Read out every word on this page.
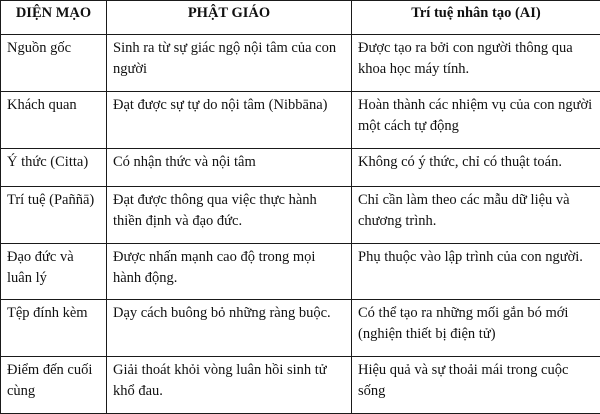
DIỆN MẠO	PHẬT GIÁO	Trí tuệ nhân tạo (AI)
Nguồn gốc	Sinh ra từ sự giác ngộ nội tâm của con người	Được tạo ra bởi con người thông qua khoa học máy tính.
Khách quan	Đạt được sự tự do nội tâm (Nibbāna)	Hoàn thành các nhiệm vụ của con người một cách tự động
Ý thức (Citta)	Có nhận thức và nội tâm	Không có ý thức, chỉ có thuật toán.
Trí tuệ (Paññā)	Đạt được thông qua việc thực hành thiền định và đạo đức.	Chỉ cần làm theo các mẫu dữ liệu và chương trình.
Đạo đức và luân lý	Được nhấn mạnh cao độ trong mọi hành động.	Phụ thuộc vào lập trình của con người.
Tệp đính kèm	Dạy cách buông bỏ những ràng buộc.	Có thể tạo ra những mối gắn bó mới (nghiện thiết bị điện tử)
Điểm đến cuối cùng	Giải thoát khỏi vòng luân hồi sinh tử khổ đau.	Hiệu quả và sự thoải mái trong cuộc sống
